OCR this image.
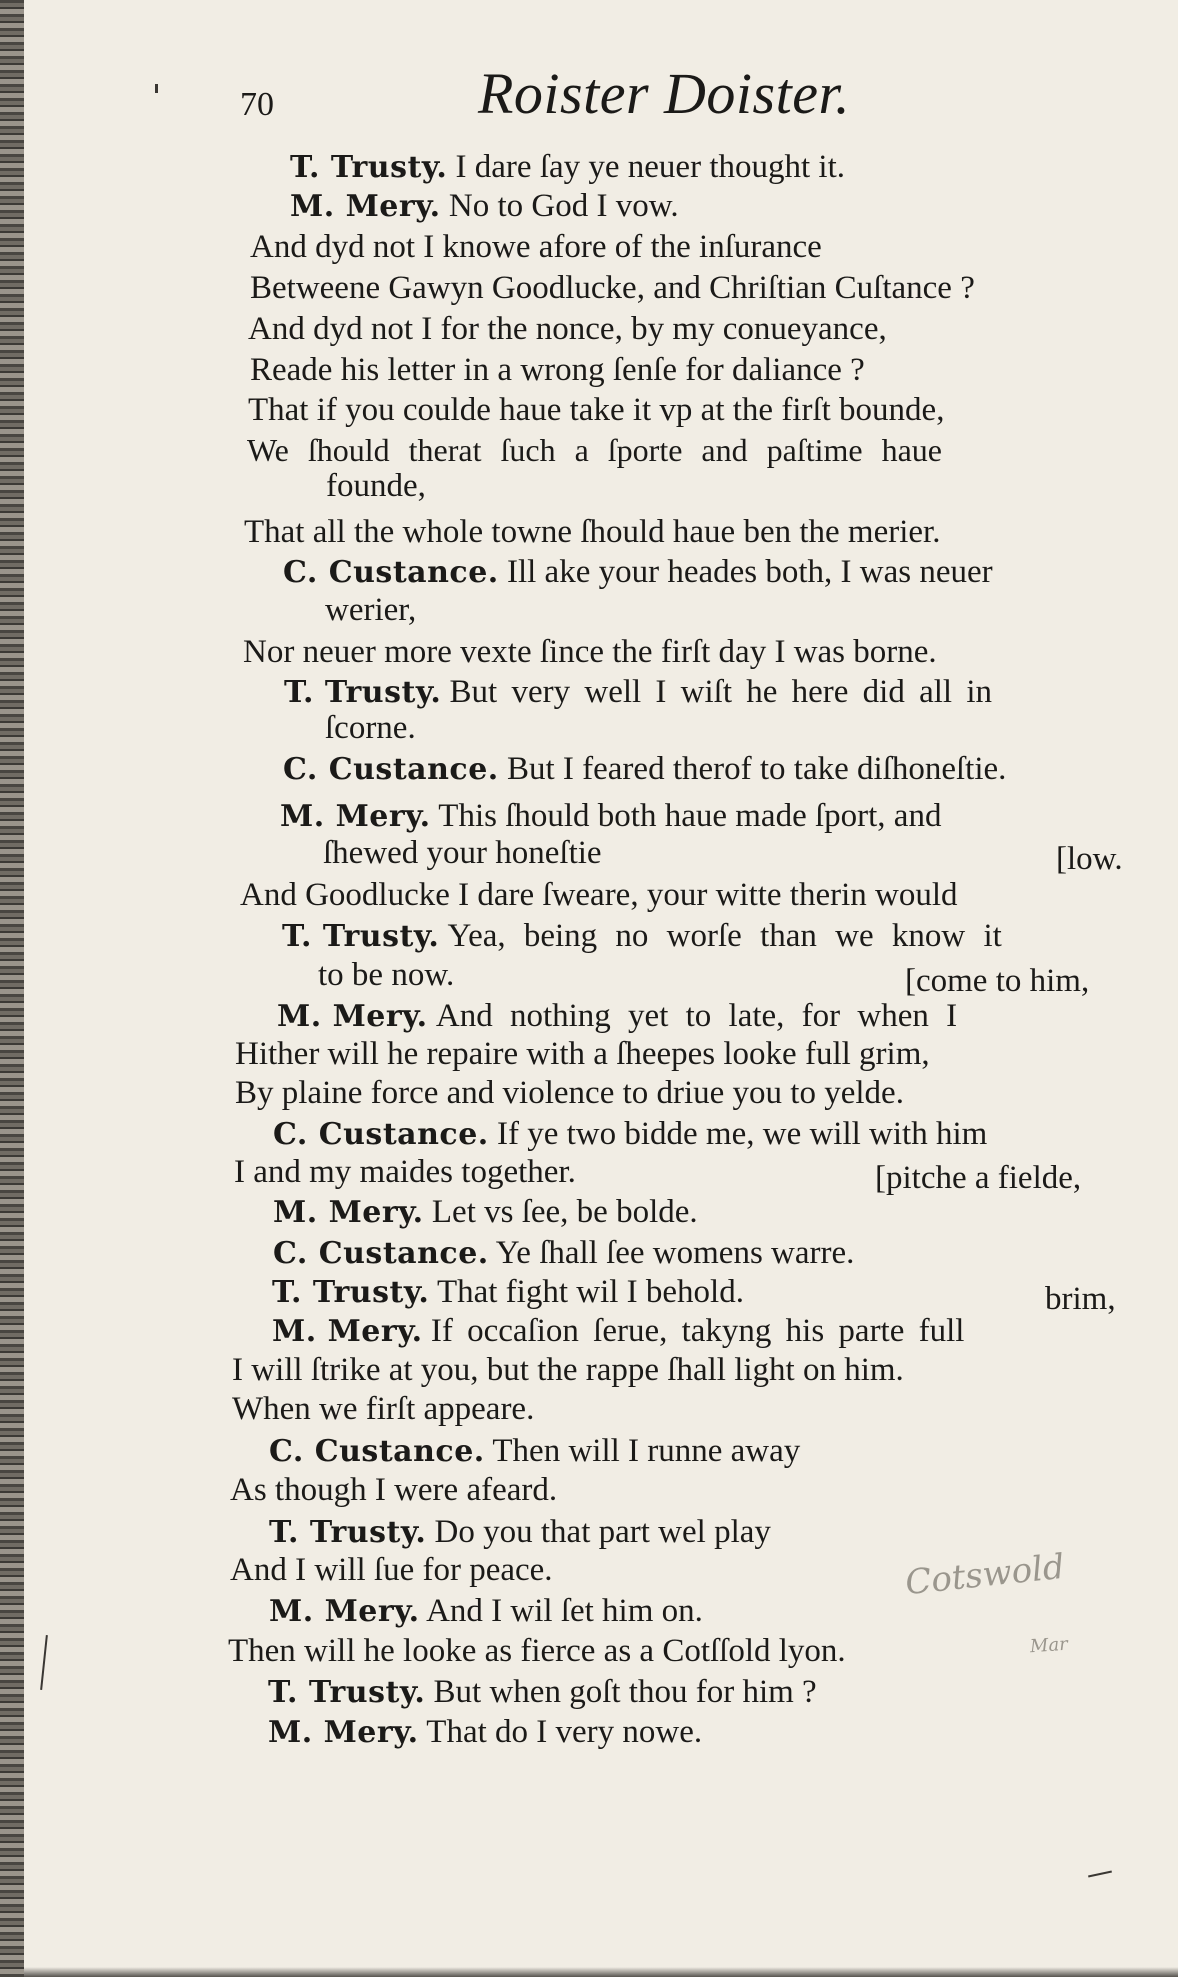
70	Roister Doister.
T. Trusty. I dare ſay ye neuer thought it.
M. Mery. No to God I vow.
And dyd not I knowe afore of the inſurance
Betweene Gawyn Goodlucke, and Chriſtian Cuſtance ?
And dyd not I for the nonce, by my conueyance,
Reade his letter in a wrong ſenſe for daliance ?
That if you coulde haue take it vp at the firſt bounde,
We ſhould therat ſuch a ſporte and paſtime haue
founde,
That all the whole towne ſhould haue ben the merier.
C. Custance. Ill ake your heades both, I was neuer
werier,
Nor neuer more vexte ſince the firſt day I was borne.
T. Trusty. But very well I wiſt he here did all in
ſcorne.
C. Custance. But I feared therof to take diſhoneſtie.
M. Mery. This ſhould both haue made ſport, and
ſhewed your honeſtie	[low.
And Goodlucke I dare ſweare, your witte therin would
T. Trusty. Yea, being no worſe than we know it
to be now.	[come to him,
M. Mery. And nothing yet to late, for when I
Hither will he repaire with a ſheepes looke full grim,
By plaine force and violence to driue you to yelde.
C. Custance. If ye two bidde me, we will with him
I and my maides together.	[pitche a fielde,
M. Mery. Let vs ſee, be bolde.
C. Custance. Ye ſhall ſee womens warre.
T. Trusty. That fight wil I behold.	brim,
M. Mery. If occaſion ſerue, takyng his parte full
I will ſtrike at you, but the rappe ſhall light on him.
When we firſt appeare.
C. Custance. Then will I runne away
As though I were afeard.
T. Trusty. Do you that part wel play
And I will ſue for peace.
M. Mery. And I wil ſet him on.
Then will he looke as fierce as a Cotſſold lyon.
T. Trusty. But when goſt thou for him ?
M. Mery. That do I very nowe.
Cotswold
Mar
